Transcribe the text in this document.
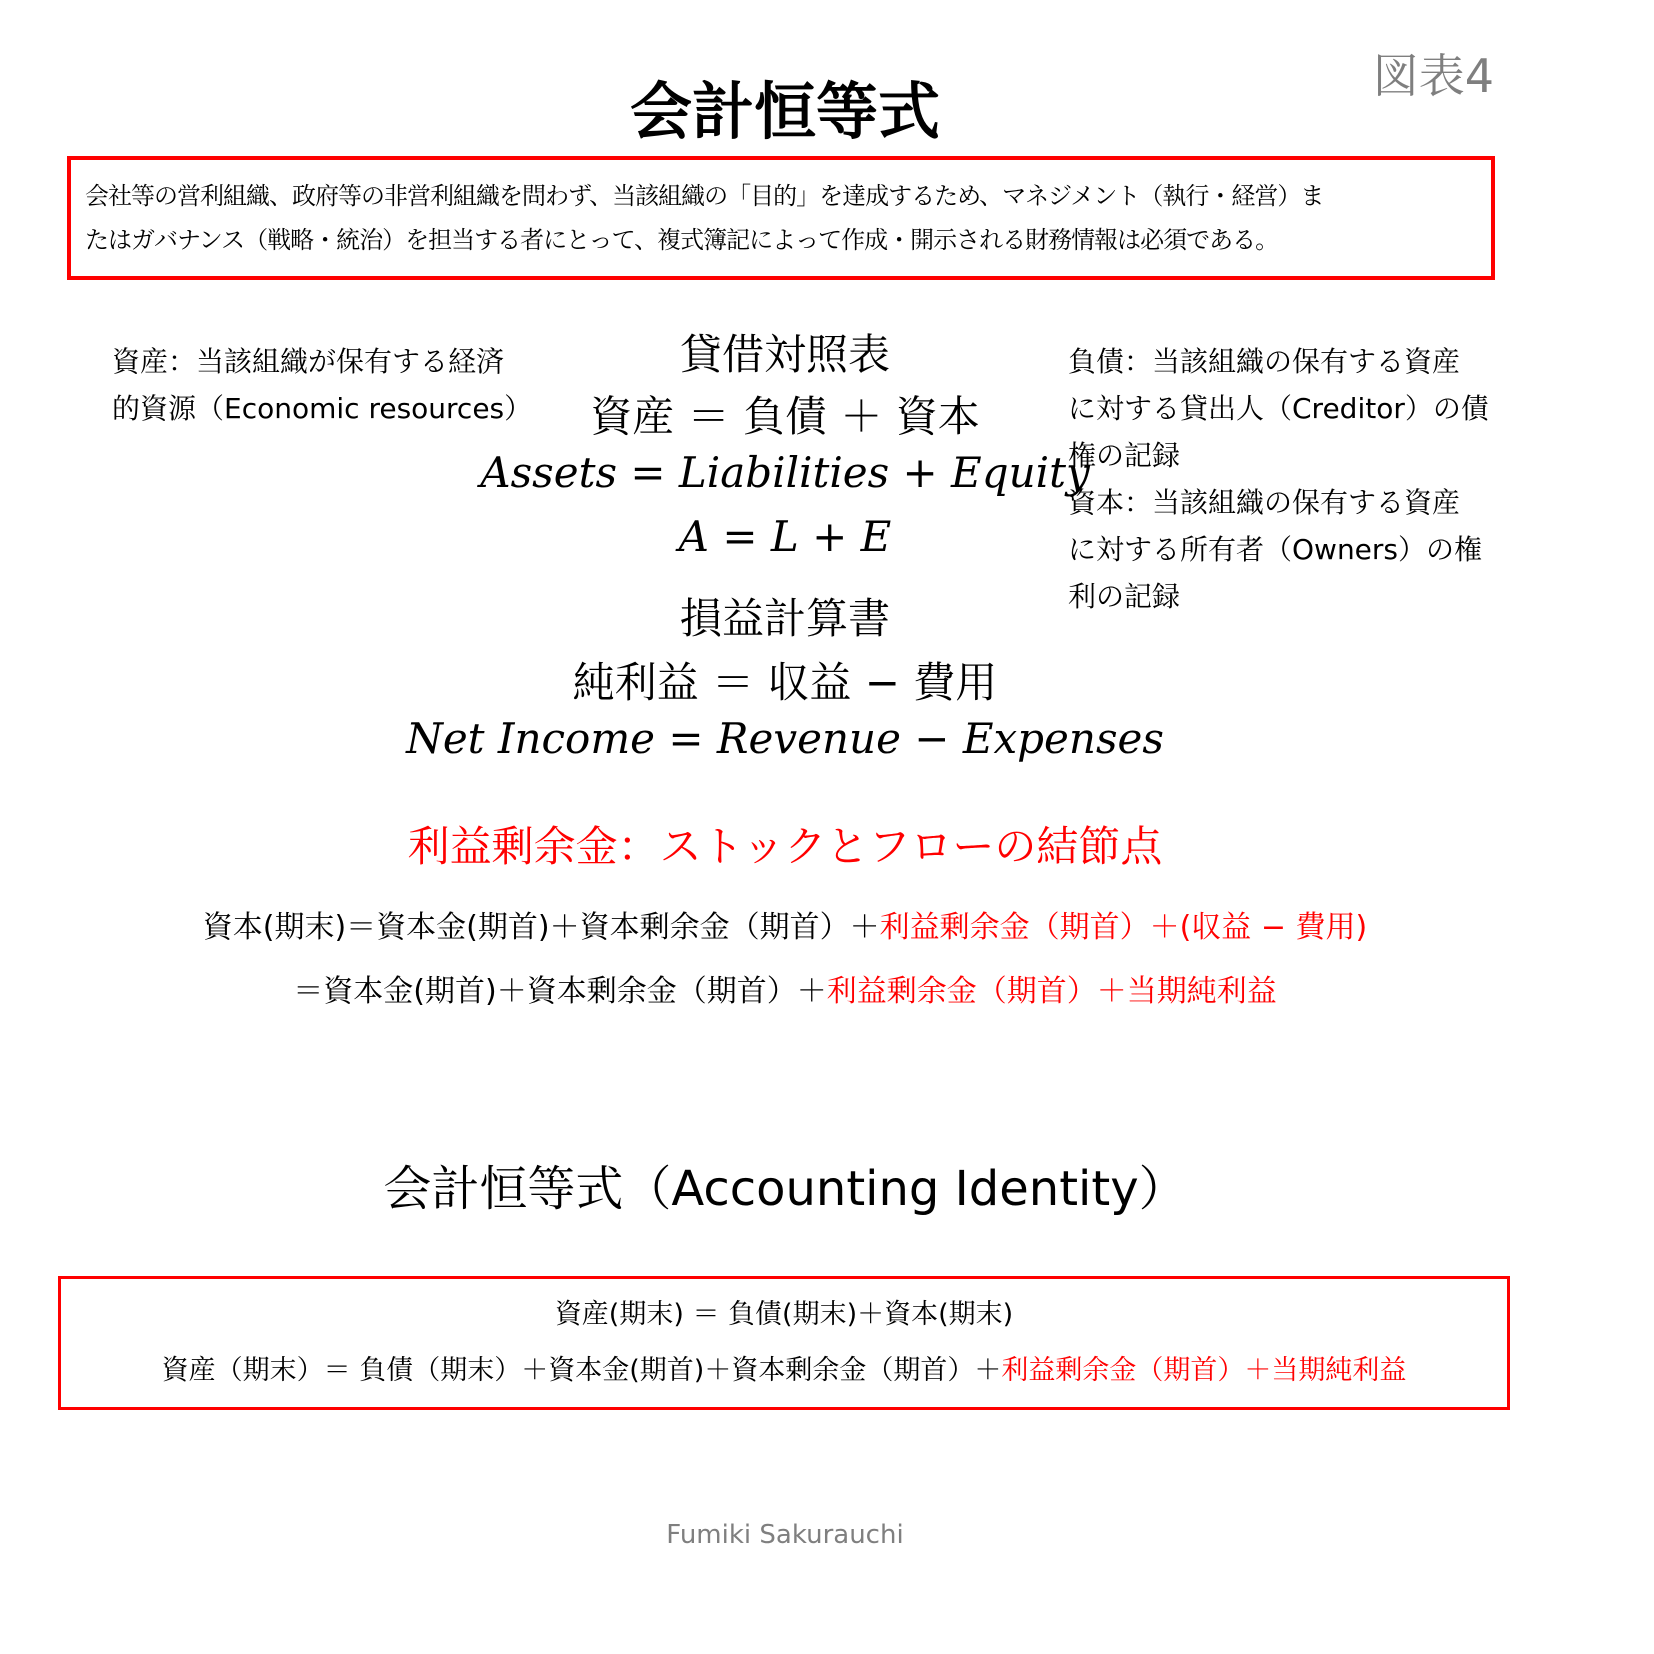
図表4
会計恒等式
会社等の営利組織、政府等の非営利組織を問わず、当該組織の「目的」を達成するため、マネジメント（執行・経営）ま
たはガバナンス（戦略・統治）を担当する者にとって、複式簿記によって作成・開示される財務情報は必須である。
資産：当該組織が保有する経済
的資源（Economic resources）
負債：当該組織の保有する資産
に対する貸出人（Creditor）の債
権の記録
資本：当該組織の保有する資産
に対する所有者（Owners）の権
利の記録
貸借対照表
資産 ＝ 負債 ＋ 資本
Assets = Liabilities + Equity
A = L + E
損益計算書
純利益 ＝ 収益 − 費用
Net Income = Revenue − Expenses
利益剰余金：ストックとフローの結節点
資本(期末)＝資本金(期首)＋資本剰余金（期首）＋利益剰余金（期首）＋(収益 − 費用)
＝資本金(期首)＋資本剰余金（期首）＋利益剰余金（期首）＋当期純利益
会計恒等式（Accounting Identity）
資産(期末) ＝ 負債(期末)＋資本(期末)
資産（期末）＝ 負債（期末）＋資本金(期首)＋資本剰余金（期首）＋利益剰余金（期首）＋当期純利益
Fumiki Sakurauchi
